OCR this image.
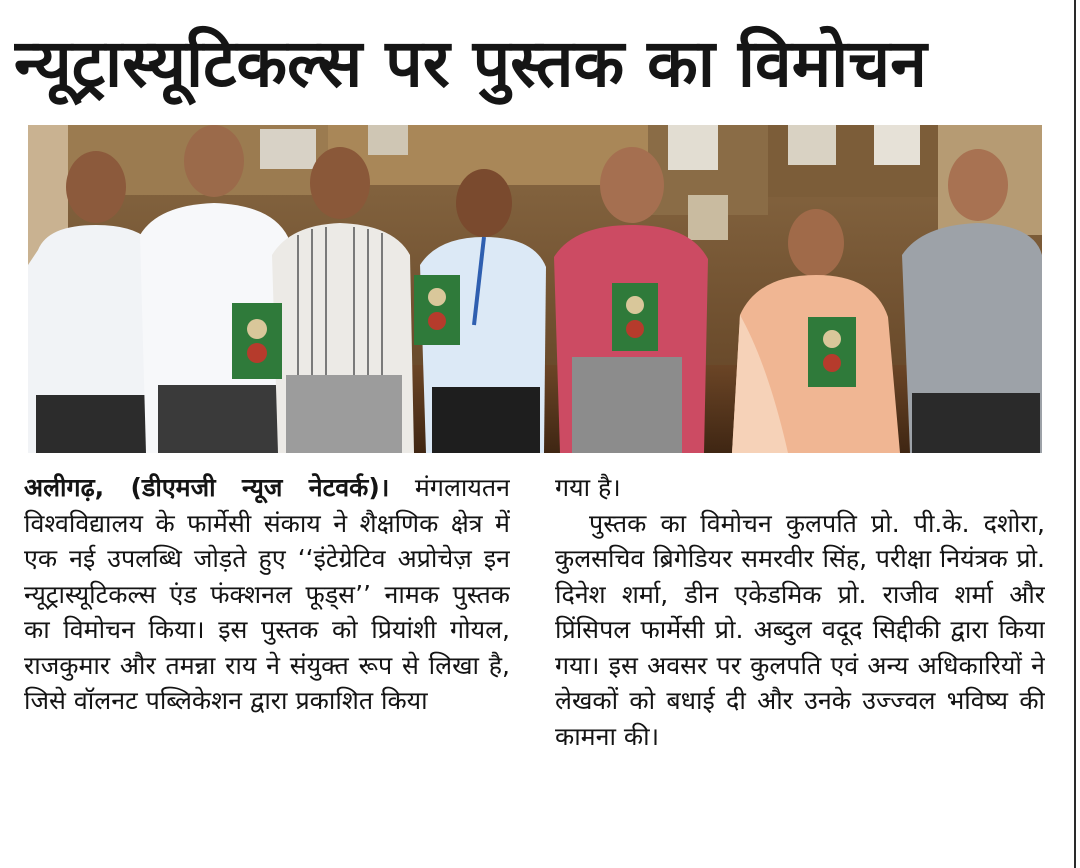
न्यूट्रास्यूटिकल्स पर पुस्तक का विमोचन

अलीगढ़, (डीएमजी न्यूज नेटवर्क)। मंगलायतन विश्वविद्यालय के फार्मेसी संकाय ने शैक्षणिक क्षेत्र में एक नई उपलब्धि जोड़ते हुए ‘‘इंटेग्रेटिव अप्रोचेज़ इन न्यूट्रास्यूटिकल्स एंड फंक्शनल फूड्स’’ नामक पुस्तक का विमोचन किया। इस पुस्तक को प्रियांशी गोयल, राजकुमार और तमन्ना राय ने संयुक्त रूप से लिखा है, जिसे वॉलनट पब्लिकेशन द्वारा प्रकाशित किया

गया है।

पुस्तक का विमोचन कुलपति प्रो. पी.के. दशोरा, कुलसचिव ब्रिगेडियर समरवीर सिंह, परीक्षा नियंत्रक प्रो. दिनेश शर्मा, डीन एकेडमिक प्रो. राजीव शर्मा और प्रिंसिपल फार्मेसी प्रो. अब्दुल वदूद सिद्दीकी द्वारा किया गया। इस अवसर पर कुलपति एवं अन्य अधिकारियों ने लेखकों को बधाई दी और उनके उज्ज्वल भविष्य की कामना की।
